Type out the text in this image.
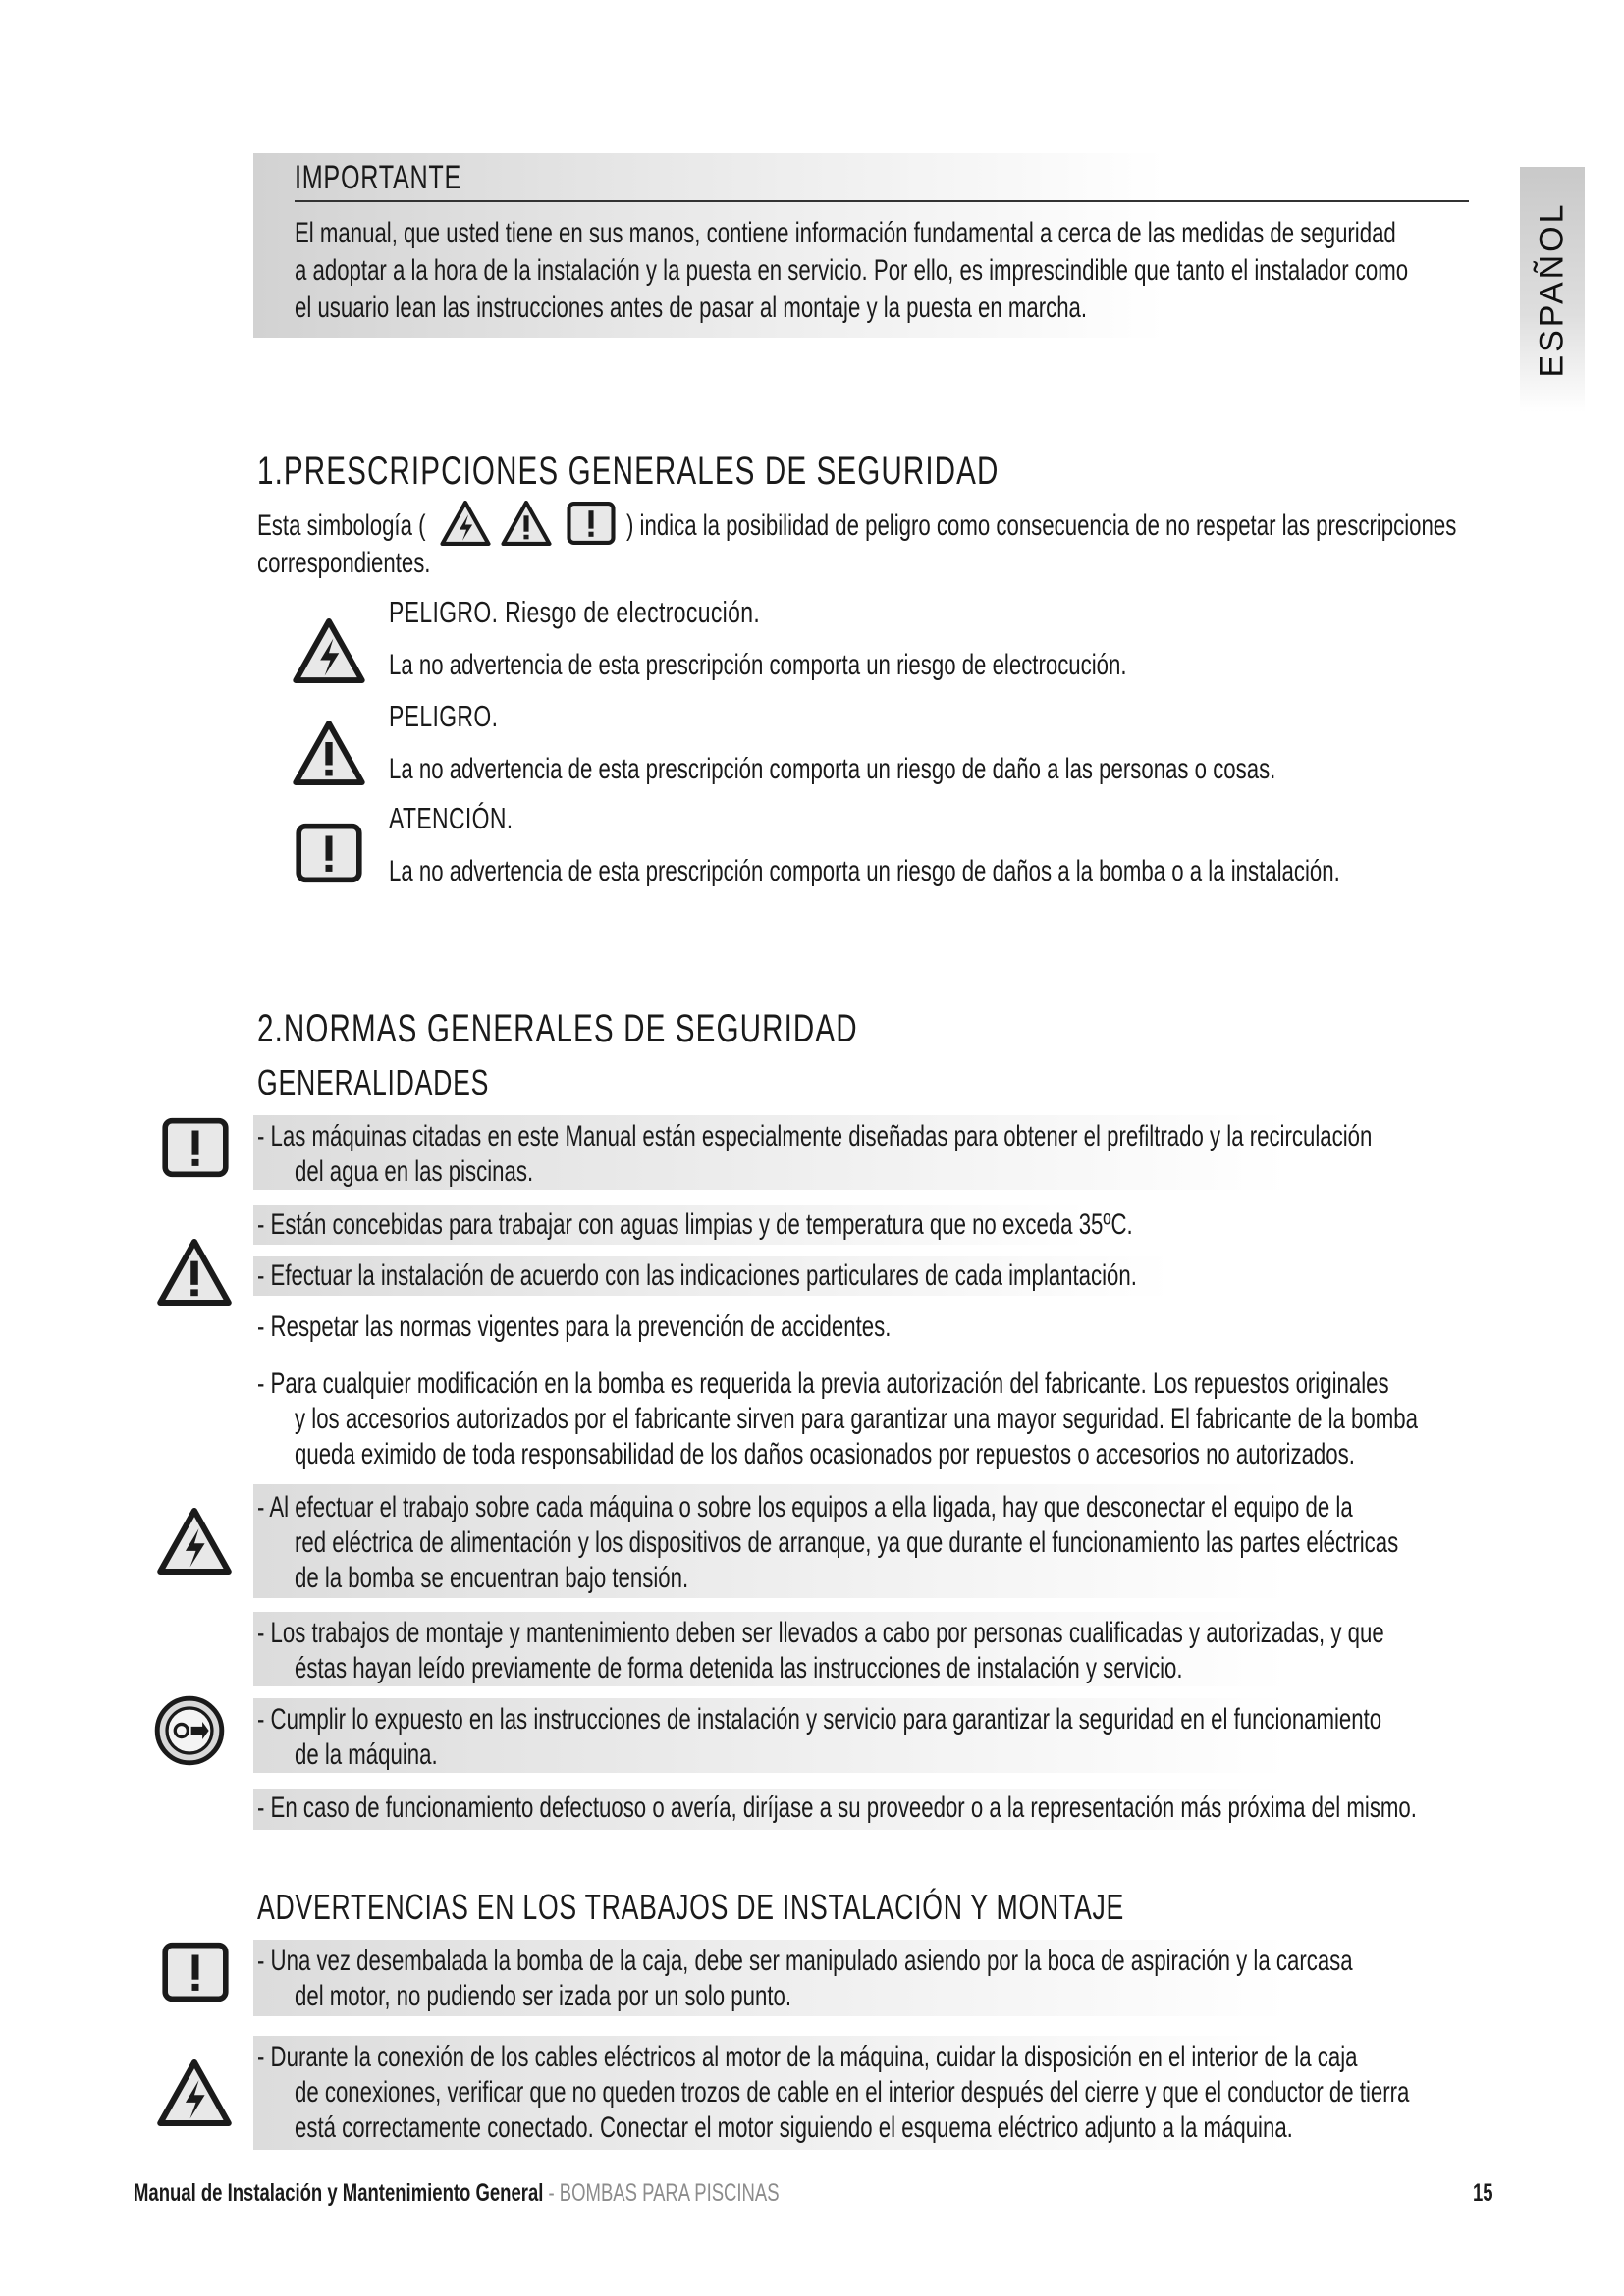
ESPAÑOL
IMPORTANTE
El manual, que usted tiene en sus manos, contiene información fundamental a cerca de las medidas de seguridad
a adoptar a la hora de la instalación y la puesta en servicio. Por ello, es imprescindible que tanto el instalador como
el usuario lean las instrucciones antes de pasar al montaje y la puesta en marcha.
1.PRESCRIPCIONES GENERALES DE SEGURIDAD
Esta simbología (	) indica la posibilidad de peligro como consecuencia de no respetar las prescripciones
correspondientes.
PELIGRO. Riesgo de electrocución.
La no advertencia de esta prescripción comporta un riesgo de electrocución.
PELIGRO.
La no advertencia de esta prescripción comporta un riesgo de daño a las personas o cosas.
ATENCIÓN.
La no advertencia de esta prescripción comporta un riesgo de daños a la bomba o a la instalación.
2.NORMAS GENERALES DE SEGURIDAD
GENERALIDADES
- Las máquinas citadas en este Manual están especialmente diseñadas para obtener el prefiltrado y la recirculación
del agua en las piscinas.
- Están concebidas para trabajar con aguas limpias y de temperatura que no exceda 35ºC.
- Efectuar la instalación de acuerdo con las indicaciones particulares de cada implantación.
- Respetar las normas vigentes para la prevención de accidentes.
- Para cualquier modificación en la bomba es requerida la previa autorización del fabricante. Los repuestos originales
y los accesorios autorizados por el fabricante sirven para garantizar una mayor seguridad. El fabricante de la bomba
queda eximido de toda responsabilidad de los daños ocasionados por repuestos o accesorios no autorizados.
- Al efectuar el trabajo sobre cada máquina o sobre los equipos a ella ligada, hay que desconectar el equipo de la
red eléctrica de alimentación y los dispositivos de arranque, ya que durante el funcionamiento las partes eléctricas
de la bomba se encuentran bajo tensión.
- Los trabajos de montaje y mantenimiento deben ser llevados a cabo por personas cualificadas y autorizadas, y que
éstas hayan leído previamente de forma detenida las instrucciones de instalación y servicio.
- Cumplir lo expuesto en las instrucciones de instalación y servicio para garantizar la seguridad en el funcionamiento
de la máquina.
- En caso de funcionamiento defectuoso o avería, diríjase a su proveedor o a la representación más próxima del mismo.
ADVERTENCIAS EN LOS TRABAJOS DE INSTALACIÓN Y MONTAJE
- Una vez desembalada la bomba de la caja, debe ser manipulado asiendo por la boca de aspiración y la carcasa
del motor, no pudiendo ser izada por un solo punto.
- Durante la conexión de los cables eléctricos al motor de la máquina, cuidar la disposición en el interior de la caja
de conexiones, verificar que no queden trozos de cable en el interior después del cierre y que el conductor de tierra
está correctamente conectado. Conectar el motor siguiendo el esquema eléctrico adjunto a la máquina.
Manual de Instalación y Mantenimiento General - BOMBAS PARA PISCINAS	15
